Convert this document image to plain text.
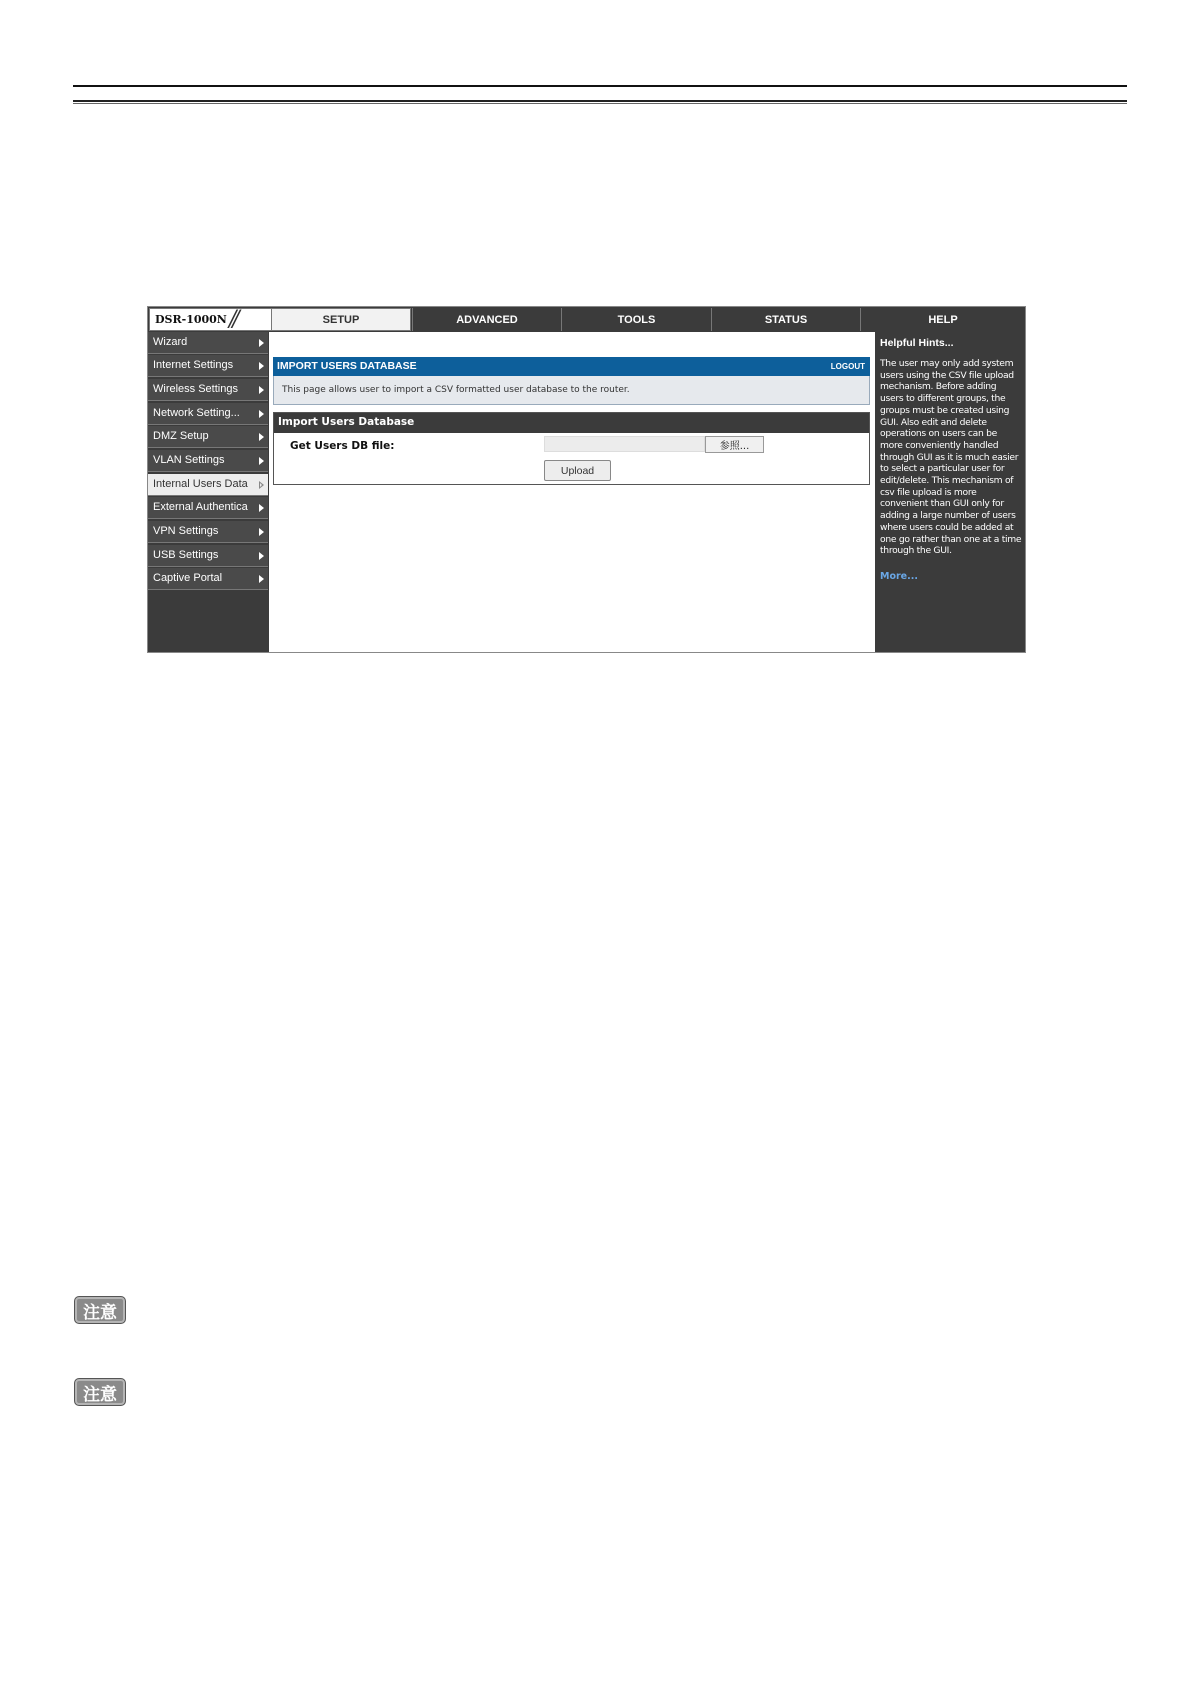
DSR-1000N //	SETUP	ADVANCED	TOOLS	STATUS	HELP
Wizard
Internet Settings
Wireless Settings
Network Setting...
DMZ Setup
VLAN Settings
Internal Users Data
External Authentica
VPN Settings
USB Settings
Captive Portal
IMPORT USERS DATABASE	LOGOUT
This page allows user to import a CSV formatted user database to the router.
Import Users Database
Get Users DB file:	参照...
Upload
Helpful Hints...
The user may only add system users using the CSV file upload mechanism. Before adding users to different groups, the groups must be created using GUI. Also edit and delete operations on users can be more conveniently handled through GUI as it is much easier to select a particular user for edit/delete. This mechanism of csv file upload is more convenient than GUI only for adding a large number of users where users could be added at one go rather than one at a time through the GUI.
More...
注意
注意
